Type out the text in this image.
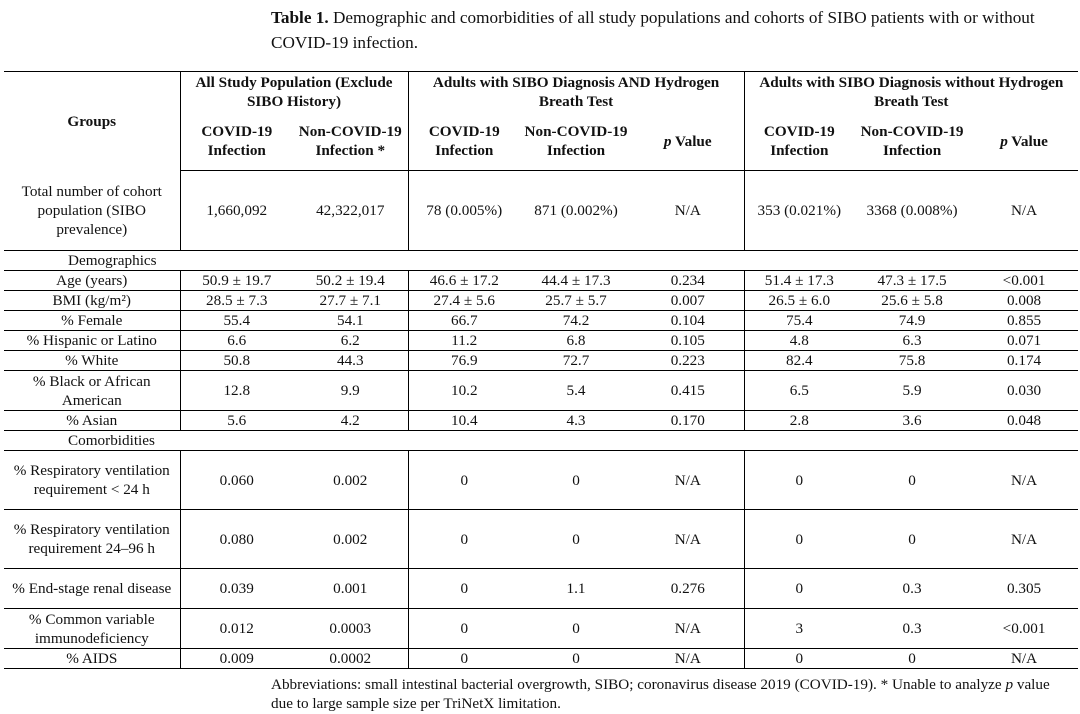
Table 1. Demographic and comorbidities of all study populations and cohorts of SIBO patients with or without COVID-19 infection.
Groups	All Study Population (Exclude SIBO History)		Adults with SIBO Diagnosis AND Hydrogen Breath Test			Adults with SIBO Diagnosis without Hydrogen Breath Test		
	COVID-19 Infection	Non-COVID-19 Infection *	COVID-19 Infection	Non-COVID-19 Infection	p Value	COVID-19 Infection	Non-COVID-19 Infection	p Value
Total number of cohort population (SIBO prevalence)	1,660,092	42,322,017	78 (0.005%)	871 (0.002%)	N/A	353 (0.021%)	3368 (0.008%)	N/A
Demographics								
Age (years)	50.9 ± 19.7	50.2 ± 19.4	46.6 ± 17.2	44.4 ± 17.3	0.234	51.4 ± 17.3	47.3 ± 17.5	<0.001
BMI (kg/m²)	28.5 ± 7.3	27.7 ± 7.1	27.4 ± 5.6	25.7 ± 5.7	0.007	26.5 ± 6.0	25.6 ± 5.8	0.008
% Female	55.4	54.1	66.7	74.2	0.104	75.4	74.9	0.855
% Hispanic or Latino	6.6	6.2	11.2	6.8	0.105	4.8	6.3	0.071
% White	50.8	44.3	76.9	72.7	0.223	82.4	75.8	0.174
% Black or African American	12.8	9.9	10.2	5.4	0.415	6.5	5.9	0.030
% Asian	5.6	4.2	10.4	4.3	0.170	2.8	3.6	0.048
Comorbidities								
% Respiratory ventilation requirement < 24 h	0.060	0.002	0	0	N/A	0	0	N/A
% Respiratory ventilation requirement 24–96 h	0.080	0.002	0	0	N/A	0	0	N/A
% End-stage renal disease	0.039	0.001	0	1.1	0.276	0	0.3	0.305
% Common variable immunodeficiency	0.012	0.0003	0	0	N/A	3	0.3	<0.001
% AIDS	0.009	0.0002	0	0	N/A	0	0	N/A
Abbreviations: small intestinal bacterial overgrowth, SIBO; coronavirus disease 2019 (COVID-19). * Unable to analyze p value due to large sample size per TriNetX limitation.
